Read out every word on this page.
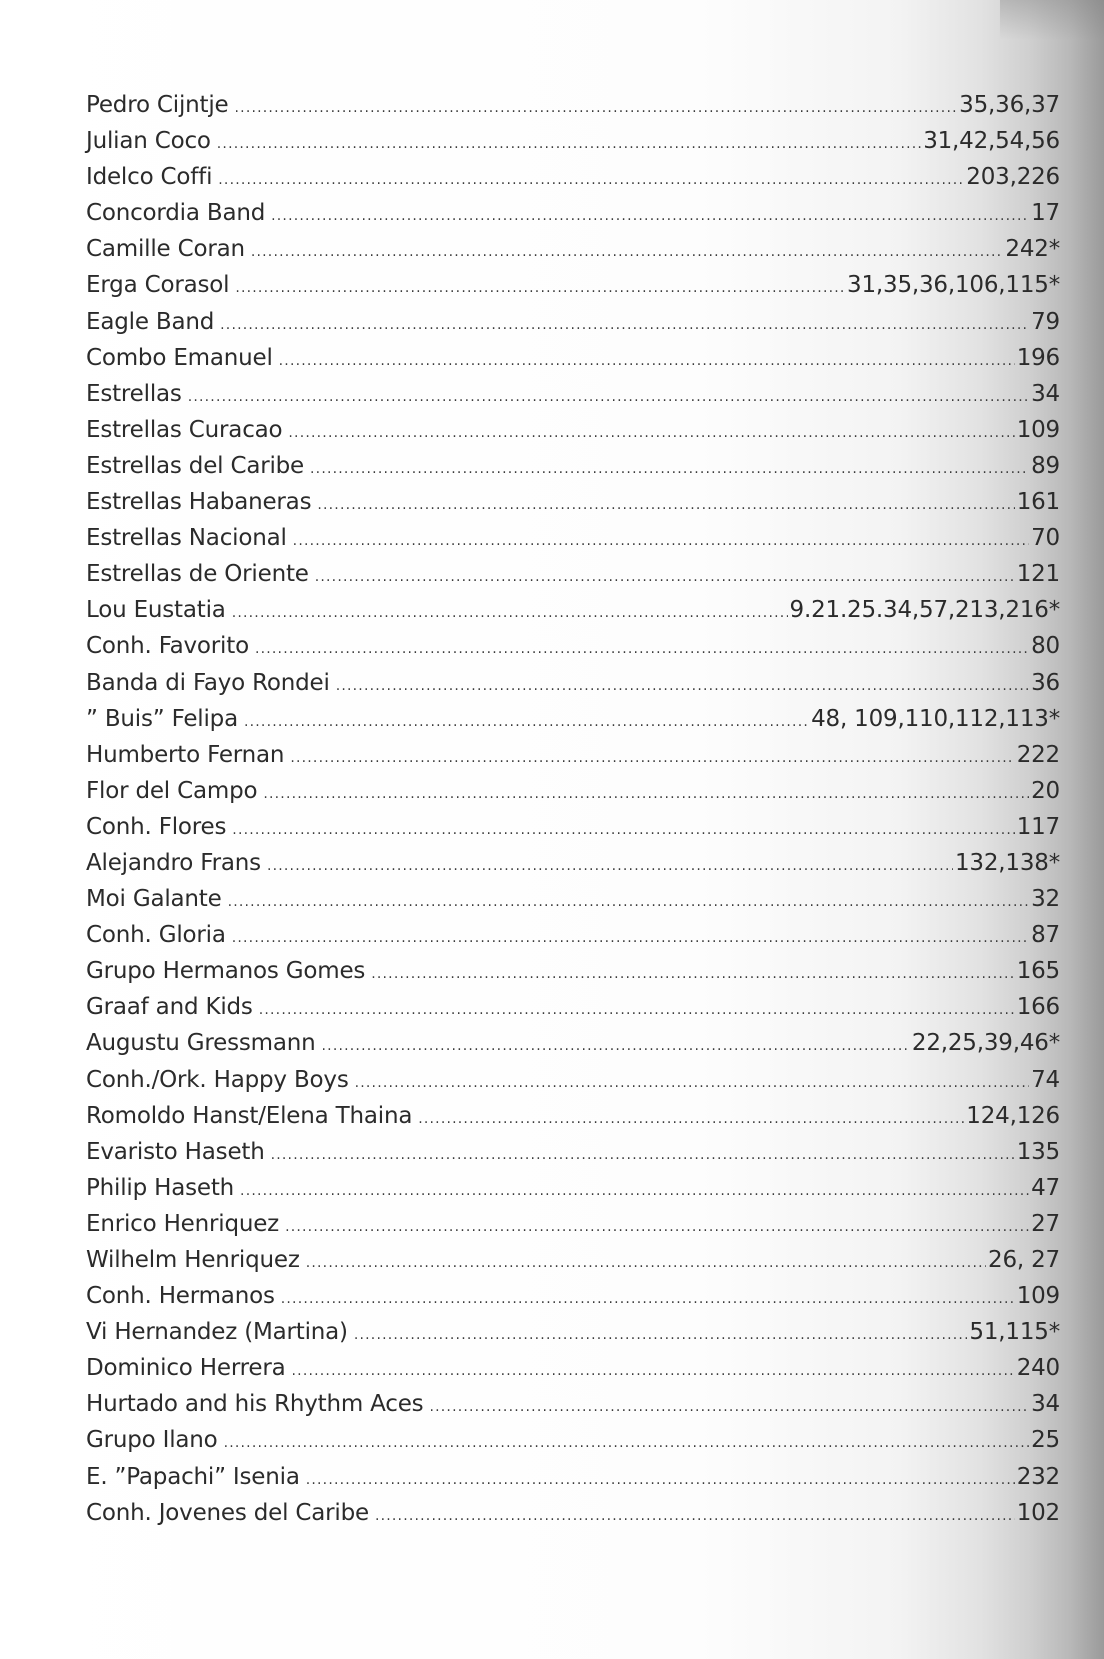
Pedro Cijntje .....	35,36,37
Julian Coco .....	31,42,54,56
Idelco Coffi .....	203,226
Concordia Band .....	17
Camille Coran .....	242*
Erga Corasol .....	31,35,36,106,115*
Eagle Band .....	79
Combo Emanuel .....	196
Estrellas .....	34
Estrellas Curacao .....	109
Estrellas del Caribe .....	89
Estrellas Habaneras .....	161
Estrellas Nacional .....	70
Estrellas de Oriente .....	121
Lou Eustatia .....	9.21.25.34,57,213,216*
Conh. Favorito .....	80
Banda di Fayo Rondei .....	36
” Buis” Felipa .....	48, 109,110,112,113*
Humberto Fernan .....	222
Flor del Campo .....	20
Conh. Flores .....	117
Alejandro Frans .....	132,138*
Moi Galante .....	32
Conh. Gloria .....	87
Grupo Hermanos Gomes .....	165
Graaf and Kids .....	166
Augustu Gressmann .....	22,25,39,46*
Conh./Ork. Happy Boys .....	74
Romoldo Hanst/Elena Thaina .....	124,126
Evaristo Haseth .....	135
Philip Haseth .....	47
Enrico Henriquez .....	27
Wilhelm Henriquez .....	26, 27
Conh. Hermanos .....	109
Vi Hernandez (Martina) .....	51,115*
Dominico Herrera .....	240
Hurtado and his Rhythm Aces .....	34
Grupo Ilano .....	25
E. ”Papachi” Isenia .....	232
Conh. Jovenes del Caribe .....	102
